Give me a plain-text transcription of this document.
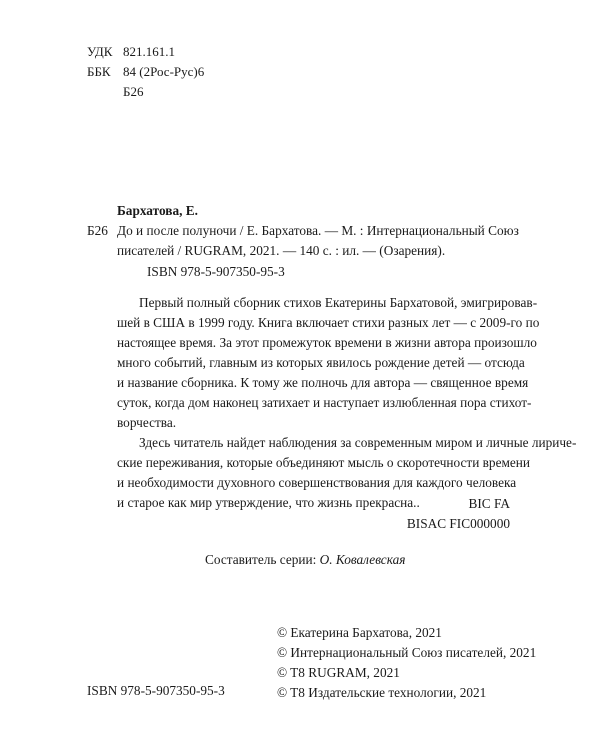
УДК 821.161.1
ББК 84 (2Рос-Рус)6
Б26
Бархатова, Е.
Б26 До и после полуночи / Е. Бархатова. — М. : Интернациональный Союз
писателей / RUGRAM, 2021. — 140 с. : ил. — (Озарения).
ISBN 978-5-907350-95-3

Первый полный сборник стихов Екатерины Бархатовой, эмигрировав-
шей в США в 1999 году. Книга включает стихи разных лет — с 2009-го по
настоящее время. За этот промежуток времени в жизни автора произошло
много событий, главным из которых явилось рождение детей — отсюда
и название сборника. К тому же полночь для автора — священное время
суток, когда дом наконец затихает и наступает излюбленная пора стихот-
ворчества.

Здесь читатель найдет наблюдения за современным миром и личные лириче-
ские переживания, которые объединяют мысль о скоротечности времени
и необходимости духовного совершенствования для каждого человека
и старое как мир утверждение, что жизнь прекрасна..	BIC FA
BISAC FIC000000
Составитель серии: О. Ковалевская
ISBN 978-5-907350-95-3
© Екатерина Бархатова, 2021
© Интернациональный Союз писателей, 2021
© T8 RUGRAM, 2021
© T8 Издательские технологии, 2021
